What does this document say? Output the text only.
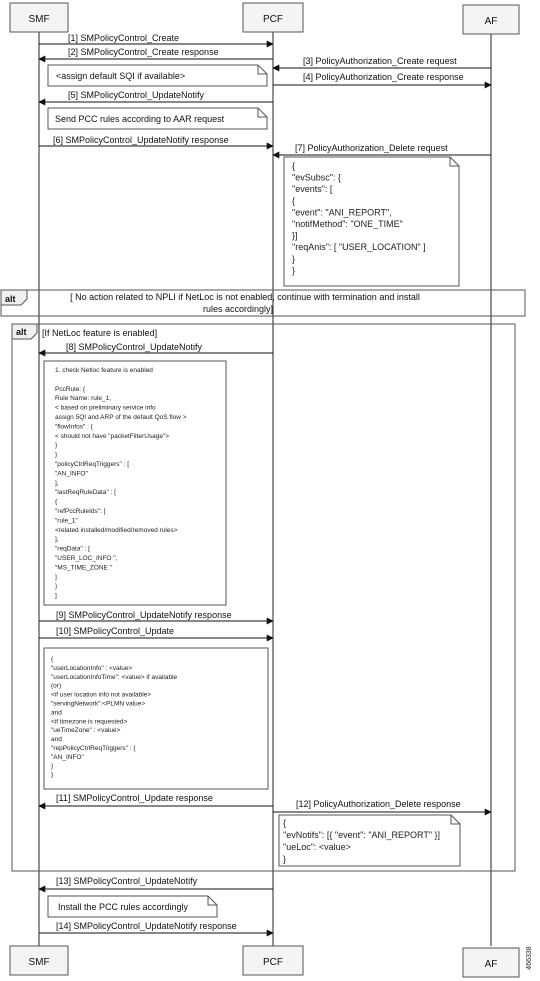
SMF	PCF	AF
SMF	PCF	AF	466338
alt	[ No action related to NPLI if NetLoc is not enabled, continue with termination and install
rules accordingly]
alt [If NetLoc feature is enabled]
[1] SMPolicyControl_Create
[2] SMPolicyControl_Create response
[3] PolicyAuthorization_Create request
[4] PolicyAuthorization_Create response
[5] SMPolicyControl_UpdateNotify
[6] SMPolicyControl_UpdateNotify response
[7] PolicyAuthorization_Delete request
[8] SMPolicyControl_UpdateNotify
[9] SMPolicyControl_UpdateNotify response
[10] SMPolicyControl_Update
[11] SMPolicyControl_Update response
[12] PolicyAuthorization_Delete response
[13] SMPolicyControl_UpdateNotify
[14] SMPolicyControl_UpdateNotify response
<assign default SQI if available>
Send PCC rules according to AAR request
Install the PCC rules accordingly
{
"evSubsc": {
"events": [
{
"event": "ANI_REPORT",
"notifMethod": "ONE_TIME"
}]
"reqAnis": [ "USER_LOCATION" ]
}
}
1. check Netloc feature is enabled
PccRule: {
Rule Name: rule_1,
< based on preliminary service info
assign 5QI and ARP of the default QoS flow >
"flowInfos" : {
< should not have "packetFilterUsage">
}
}
"policyCtrlReqTriggers" : [
"AN_INFO"
],
"lastReqRuleData" : [
{
"refPccRuleIds": [
"rule_1"
<related installed/modified/removed rules>
],
"reqData" : [
"USER_LOC_INFO ",
"MS_TIME_ZONE "
]
}
]
{
"userLocationInfo" : <value>
"userLocationInfoTime": <value> if available
(or)
<if user location info not available>
"servingNetwork":<PLMN value>
and
<if timezone is requested>
"ueTimeZone" : <value>
and
"repPolicyCtrlReqTriggers" : {
"AN_INFO"
}
}
{
"evNotifs": [{ "event": "ANI_REPORT" }]
"ueLoc": <value>
}
